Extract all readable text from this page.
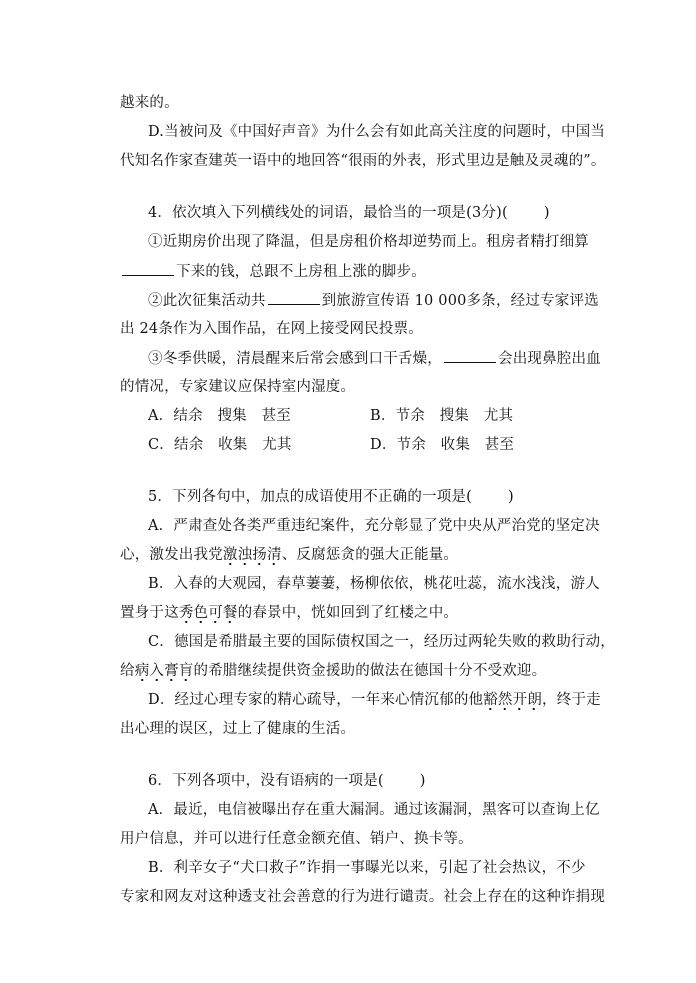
越来的。
D.当被问及《中国好声音》为什么会有如此高关注度的问题时，中国当
代知名作家查建英一语中的地回答“很雨的外表，形式里边是触及灵魂的”。
4．依次填入下列横线处的词语，最恰当的一项是(3分)( )
①近期房价出现了降温，但是房租价格却逆势而上。租房者精打细算
下来的钱，总跟不上房租上涨的脚步。
②此次征集活动共	到旅游宣传语 10 000多条，经过专家评选
出 24条作为入围作品，在网上接受网民投票。
③冬季供暖，清晨醒来后常会感到口干舌燥，	会出现鼻腔出血
的情况，专家建议应保持室内湿度。
A．结余　搜集　甚至	B．节余　搜集　尤其
C．结余　收集　尤其	D．节余　收集　甚至
5．下列各句中，加点的成语使用不正确的一项是( )
A．严肃查处各类严重违纪案件，充分彰显了党中央从严治党的坚定决
心，激发出我党激浊扬清、反腐惩贪的强大正能量。
B．入春的大观园，春草萋萋，杨柳依依，桃花吐蕊，流水浅浅，游人
置身于这秀色可餐的春景中，恍如回到了红楼之中。
C．德国是希腊最主要的国际债权国之一，经历过两轮失败的救助行动，
给病入膏肓的希腊继续提供资金援助的做法在德国十分不受欢迎。
D．经过心理专家的精心疏导，一年来心情沉郁的他豁然开朗，终于走
出心理的误区，过上了健康的生活。
6．下列各项中，没有语病的一项是( )
A．最近，电信被曝出存在重大漏洞。通过该漏洞，黑客可以查询上亿
用户信息，并可以进行任意金额充值、销户、换卡等。
B．利辛女子“犬口救子”诈捐一事曝光以来，引起了社会热议，不少
专家和网友对这种透支社会善意的行为进行谴责。社会上存在的这种诈捐现
